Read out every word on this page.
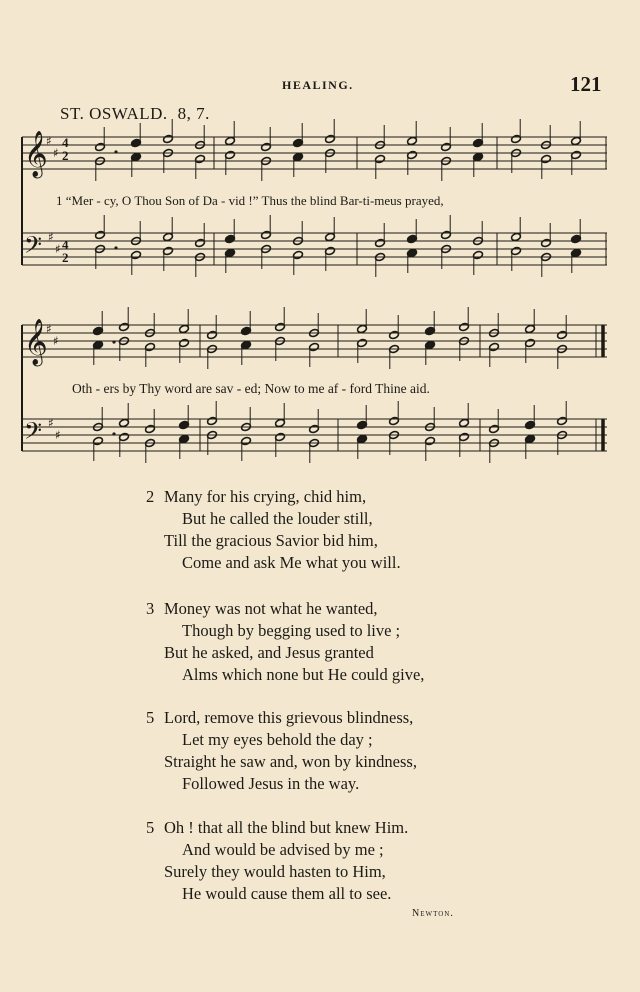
HEALING.	121
ST. OSWALD. 8, 7.
𝄞
♯
♯
𝄢 ♯
♯
𝄞
♯
♯
𝄢 ♯
♯
4
2
4
2
1 “Mer - cy, O Thou Son of Da - vid !” Thus the blind Bar-ti-meus prayed,
Oth - ers by Thy word are sav - ed; Now to me af - ford Thine aid.
2 Many for his crying, chid him,
But he called the louder still,
Till the gracious Savior bid him,
Come and ask Me what you will.
3 Money was not what he wanted,
Though by begging used to live ;
But he asked, and Jesus granted
Alms which none but He could give,
5 Lord, remove this grievous blindness,
Let my eyes behold the day ;
Straight he saw and, won by kindness,
Followed Jesus in the way.
5 Oh ! that all the blind but knew Him.
And would be advised by me ;
Surely they would hasten to Him,
He would cause them all to see.
Newton.
